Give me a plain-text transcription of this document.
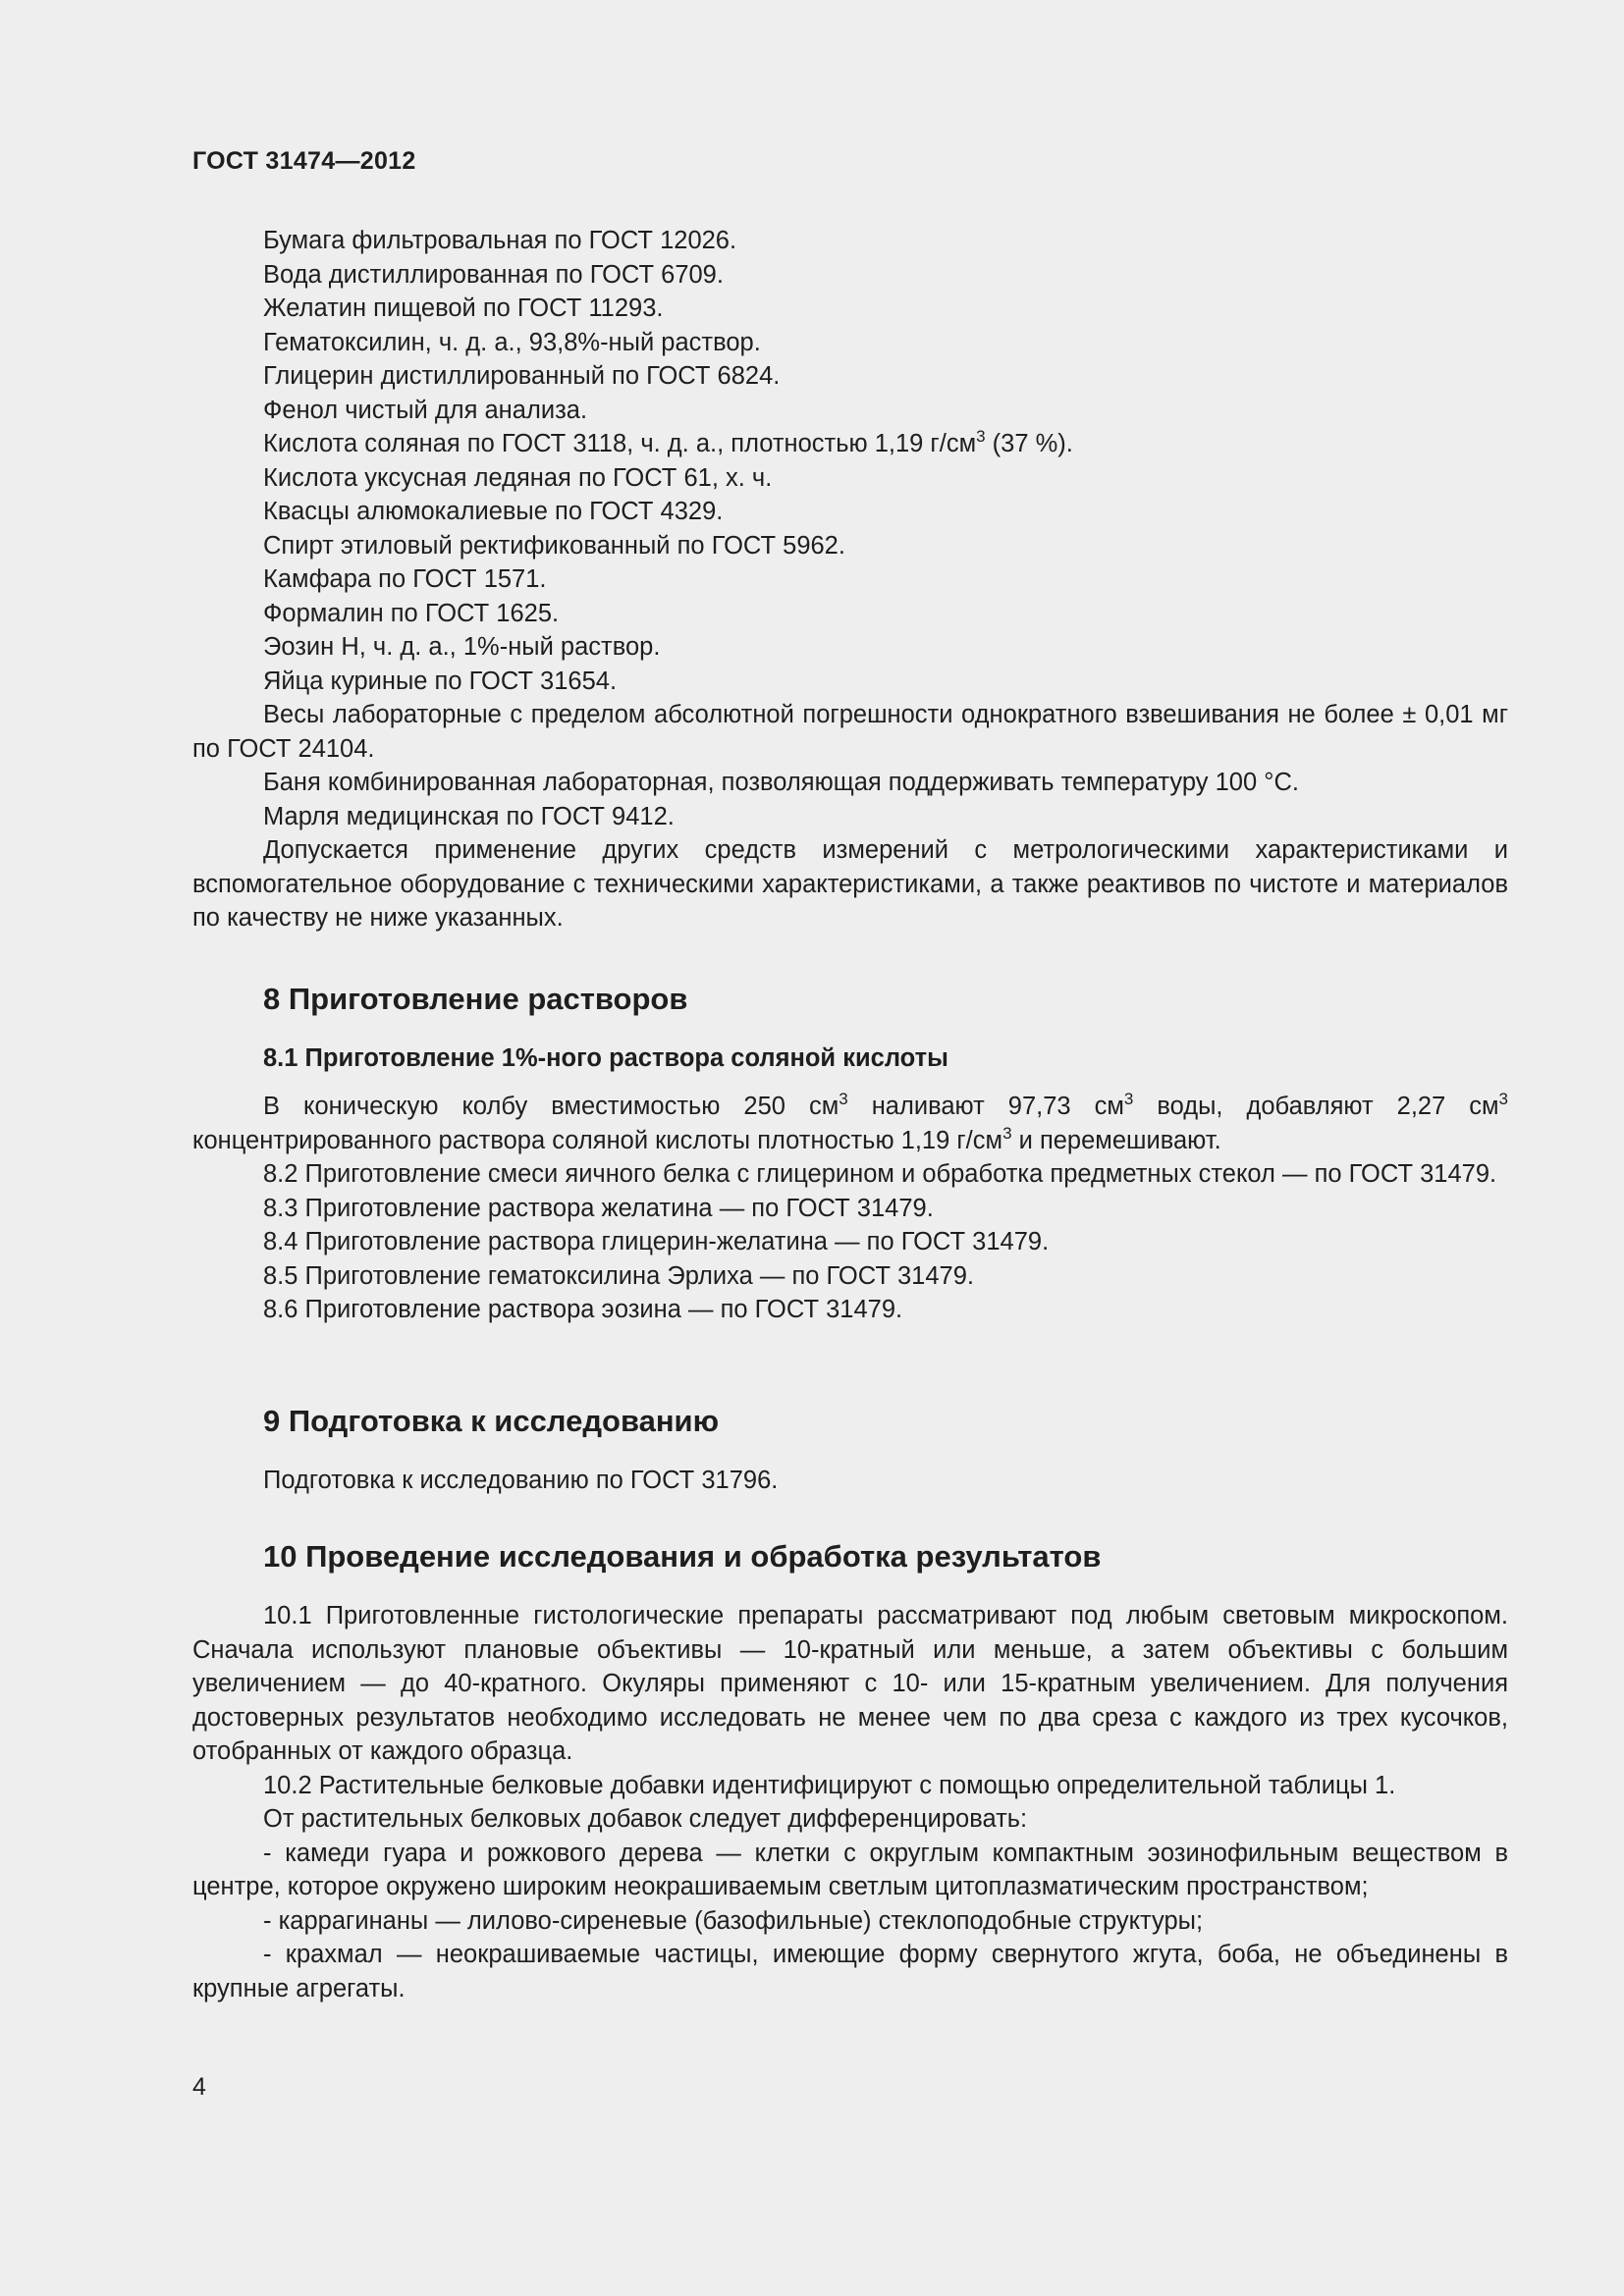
ГОСТ 31474—2012

Бумага фильтровальная по ГОСТ 12026.

Вода дистиллированная по ГОСТ 6709.

Желатин пищевой по ГОСТ 11293.

Гематоксилин, ч. д. а., 93,8%-ный раствор.

Глицерин дистиллированный по ГОСТ 6824.

Фенол чистый для анализа.

Кислота соляная по ГОСТ 3118, ч. д. а., плотностью 1,19 $г/см^3$ (37 %).

Кислота уксусная ледяная по ГОСТ 61, х. ч.

Квасцы алюмокалиевые по ГОСТ 4329.

Спирт этиловый ректификованный по ГОСТ 5962.

Камфара по ГОСТ 1571.

Формалин по ГОСТ 1625.

Эозин Н, ч. д. а., 1%-ный раствор.

Яйца куриные по ГОСТ 31654.

Весы лабораторные с пределом абсолютной погрешности однократного взвешивания не более ± 0,01 мг по ГОСТ 24104.

Баня комбинированная лабораторная, позволяющая поддерживать температуру 100 °С.

Марля медицинская по ГОСТ 9412.

Допускается применение других средств измерений с метрологическими характеристиками и вспомогательное оборудование с техническими характеристиками, а также реактивов по чистоте и материалов по качеству не ниже указанных.

8 Приготовление растворов
8.1 Приготовление 1%-ного раствора соляной кислоты

В коническую колбу вместимостью 250 $см^3$ наливают 97,73 $см^3$ воды, добавляют 2,27 $см^3$ концентрированного раствора соляной кислоты плотностью 1,19 $г/см^3$ и перемешивают.

8.2 Приготовление смеси яичного белка с глицерином и обработка предметных стекол — по ГОСТ 31479.

8.3 Приготовление раствора желатина — по ГОСТ 31479.

8.4 Приготовление раствора глицерин-желатина — по ГОСТ 31479.

8.5 Приготовление гематоксилина Эрлиха — по ГОСТ 31479.

8.6 Приготовление раствора эозина — по ГОСТ 31479.

9 Подготовка к исследованию

Подготовка к исследованию по ГОСТ 31796.

10 Проведение исследования и обработка результатов

10.1 Приготовленные гистологические препараты рассматривают под любым световым микроскопом. Сначала используют плановые объективы — 10-кратный или меньше, а затем объективы с большим увеличением — до 40-кратного. Окуляры применяют с 10- или 15-кратным увеличением. Для получения достоверных результатов необходимо исследовать не менее чем по два среза с каждого из трех кусочков, отобранных от каждого образца.

10.2 Растительные белковые добавки идентифицируют с помощью определительной таблицы 1.

От растительных белковых добавок следует дифференцировать:

- камеди гуара и рожкового дерева — клетки с округлым компактным эозинофильным веществом в центре, которое окружено широким неокрашиваемым светлым цитоплазматическим пространством;

- каррагинаны — лилово-сиреневые (базофильные) стеклоподобные структуры;

- крахмал — неокрашиваемые частицы, имеющие форму свернутого жгута, боба, не объединены в крупные агрегаты.

4
